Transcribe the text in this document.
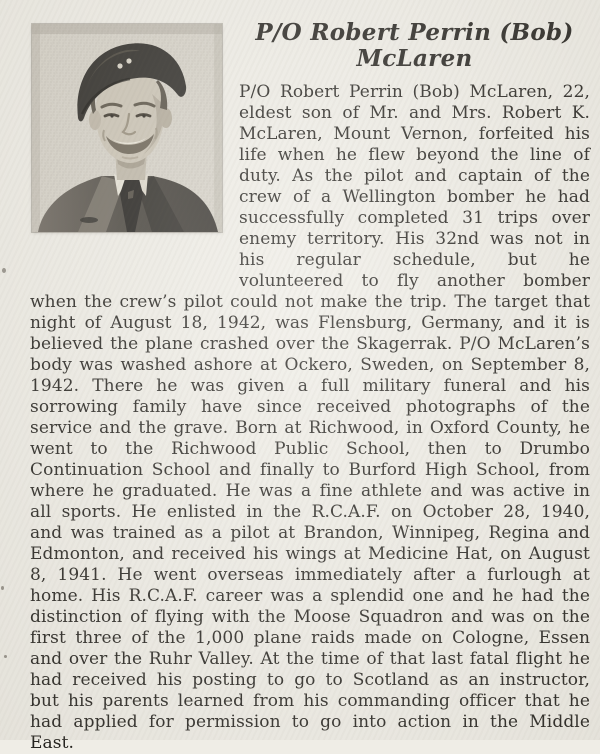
P/O Robert Perrin (Bob)
McLaren

P/O Robert Perrin (Bob) McLaren, 22, eldest son of Mr. and Mrs. Robert K. McLaren, Mount Vernon, forfeited his life when he flew beyond the line of duty. As the pilot and captain of the crew of a Wellington bomber he had successfully completed 31 trips over enemy territory. His 32nd was not in his regular schedule, but he volunteered to fly another bomber when the crew’s pilot could not make the trip. The target that night of August 18, 1942, was Flensburg, Germany, and it is believed the plane crashed over the Skagerrak. P/O McLaren’s body was washed ashore at Ockero, Sweden, on September 8, 1942. There he was given a full military funeral and his sorrowing family have since received photographs of the service and the grave. Born at Richwood, in Oxford County, he went to the Richwood Public School, then to Drumbo Continuation School and finally to Burford High School, from where he graduated. He was a fine athlete and was active in all sports. He enlisted in the R.C.A.F. on October 28, 1940, and was trained as a pilot at Brandon, Winnipeg, Regina and Edmonton, and received his wings at Medicine Hat, on August 8, 1941. He went overseas immediately after a furlough at home. His R.C.A.F. career was a splendid one and he had the distinction of flying with the Moose Squadron and was on the first three of the 1,000 plane raids made on Cologne, Essen and over the Ruhr Valley. At the time of that last fatal flight he had received his posting to go to Scotland as an instructor, but his parents learned from his commanding officer that he had applied for permission to go into action in the Middle East.
